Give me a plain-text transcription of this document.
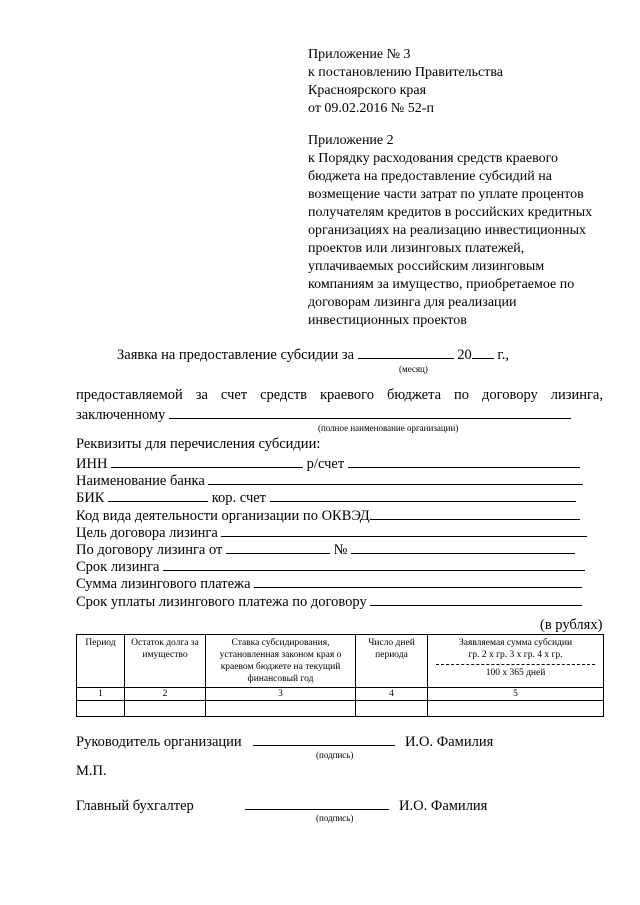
Приложение № 3
к постановлению Правительства
Красноярского края
от 09.02.2016 № 52-п
Приложение 2
к Порядку расходования средств краевого
бюджета на предоставление субсидий на
возмещение части затрат по уплате процентов
получателям кредитов в российских кредитных
организациях на реализацию инвестиционных
проектов или лизинговых платежей,
уплачиваемых российским лизинговым
компаниям за имущество, приобретаемое по
договорам лизинга для реализации
инвестиционных проектов
Заявка на предоставление субсидии за	20 г.,
(месяц)
предоставляемой за счет средств краевого бюджета по договору лизинга,
заключенному
(полное наименование организации)
Реквизиты для перечисления субсидии:
ИНН	р/счет
Наименование банка
БИК	кор. счет
Код вида деятельности организации по ОКВЭД
Цель договора лизинга
По договору лизинга от	№
Срок лизинга
Сумма лизингового платежа
Срок уплаты лизингового платежа по договору
(в рублях)
Период	Остаток долга за имущество	Ставка субсидирования, установленная законом края о краевом бюджете на текущий финансовый год	Число дней периода	Заявляемая сумма субсидии
гр. 2 х гр. 3 х гр. 4 х гр.
100 х 365 дней

1	2	3	4	5

Руководитель организации	И.О. Фамилия
(подпись)
М.П.
Главный бухгалтер	И.О. Фамилия
(подпись)
